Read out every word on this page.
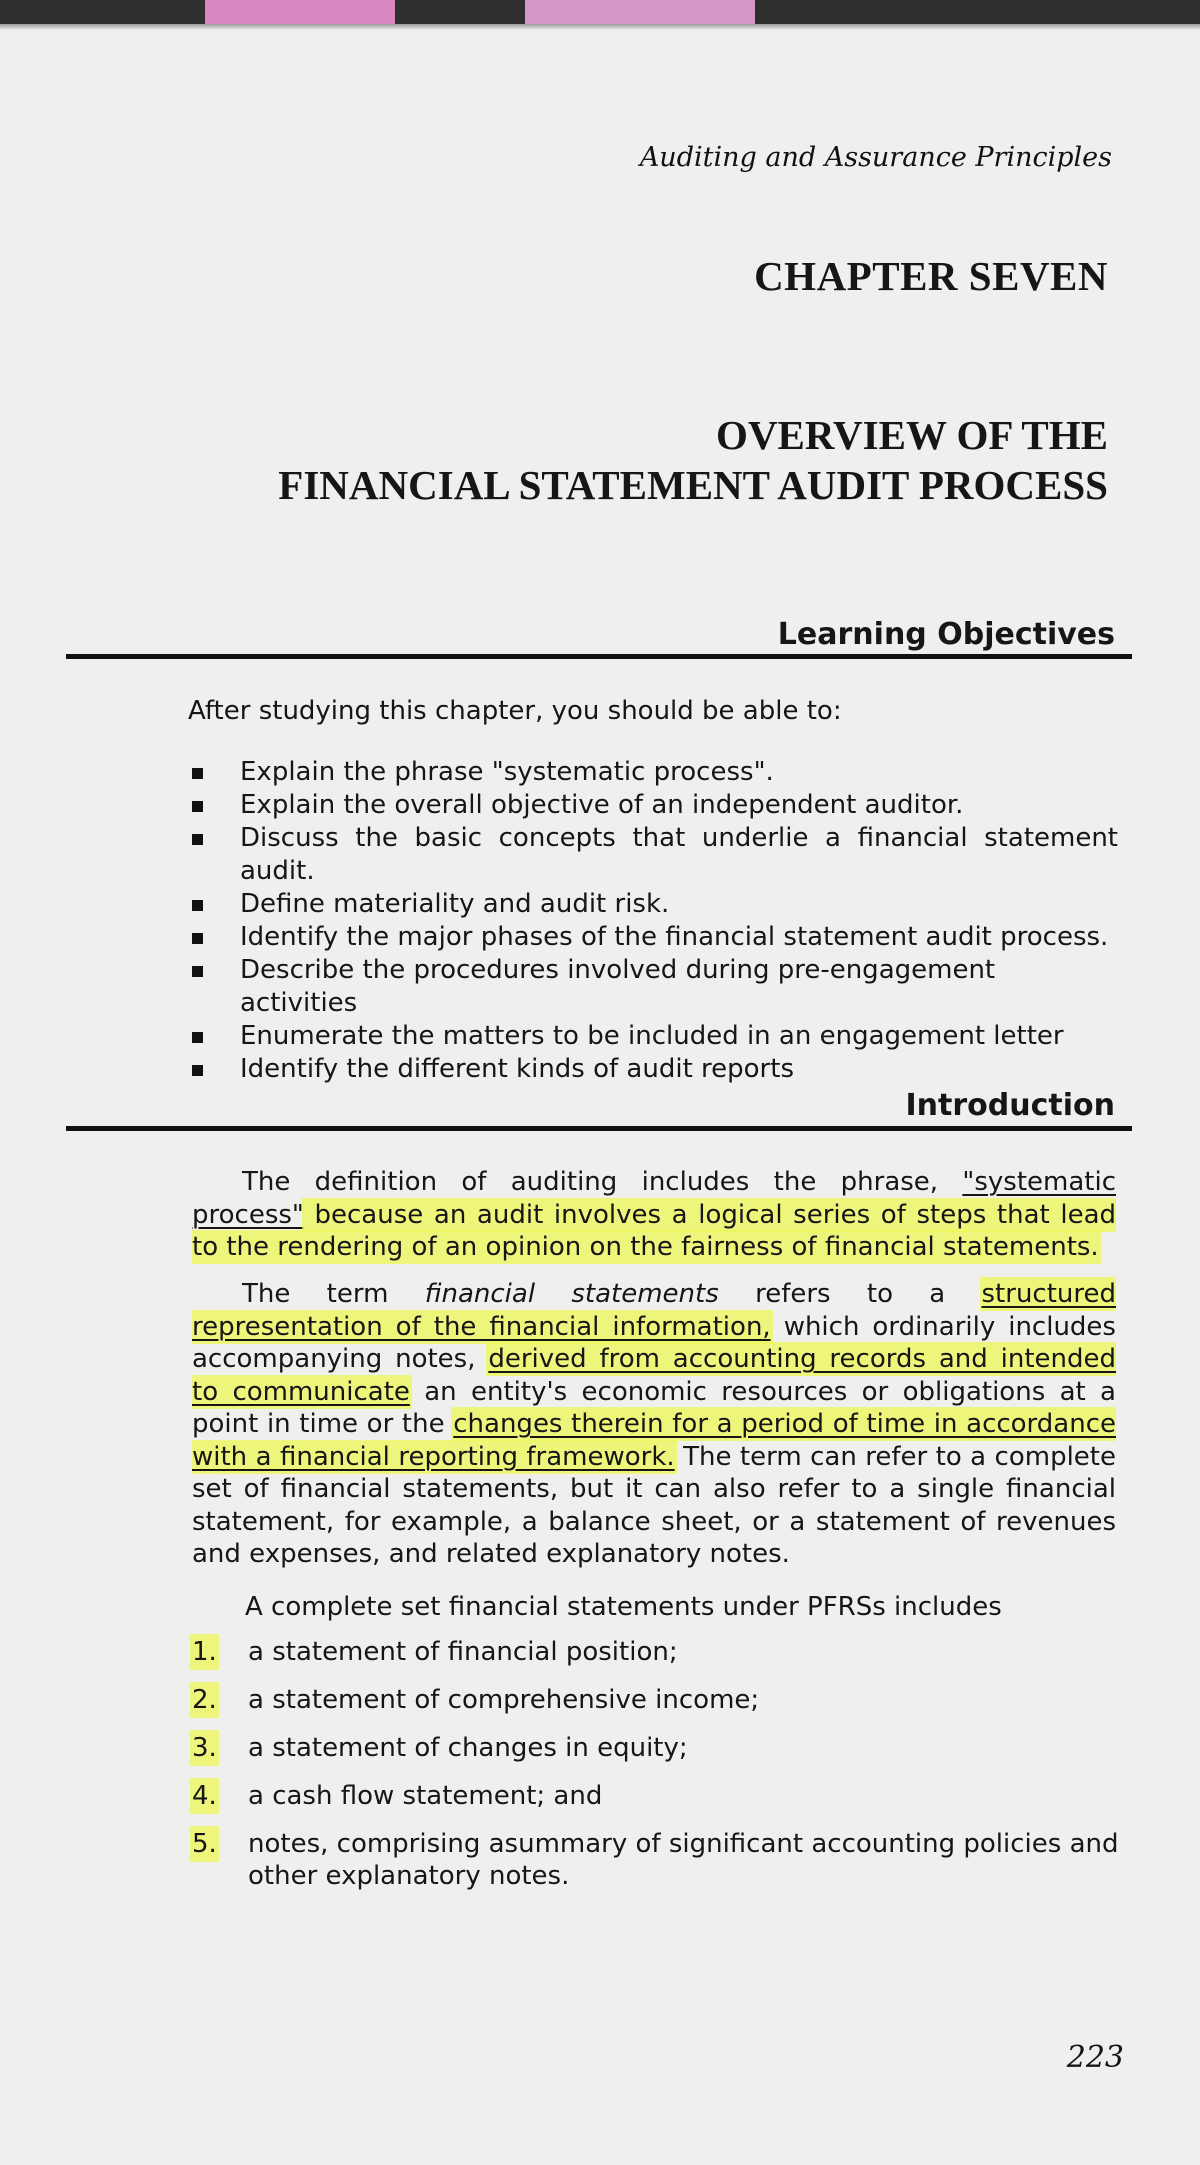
Auditing and Assurance Principles
CHAPTER SEVEN
OVERVIEW OF THE
FINANCIAL STATEMENT AUDIT PROCESS
Learning Objectives
After studying this chapter, you should be able to:
Explain the phrase "systematic process".
Explain the overall objective of an independent auditor.
Discuss the basic concepts that underlie a financial statement
audit.
Define materiality and audit risk.
Identify the major phases of the financial statement audit process.
Describe the procedures involved during pre-engagement activities
Enumerate the matters to be included in an engagement letter
Identify the different kinds of audit reports
Introduction

The definition of auditing includes the phrase, "systematic process" because an audit involves a logical series of steps that lead to the rendering of an opinion on the fairness of financial statements.

The term financial statements refers to a structured representation of the financial information, which ordinarily includes accompanying notes, derived from accounting records and intended to communicate an entity's economic resources or obligations at a point in time or the changes therein for a period of time in accordance with a financial reporting framework. The term can refer to a complete set of financial statements, but it can also refer to a single financial statement, for example, a balance sheet, or a statement of revenues and expenses, and related explanatory notes.

A complete set financial statements under PFRSs includes
1. a statement of financial position;
2. a statement of comprehensive income;
3. a statement of changes in equity;
4. a cash flow statement; and
5. notes, comprising asummary of significant accounting policies and other explanatory notes.
223
